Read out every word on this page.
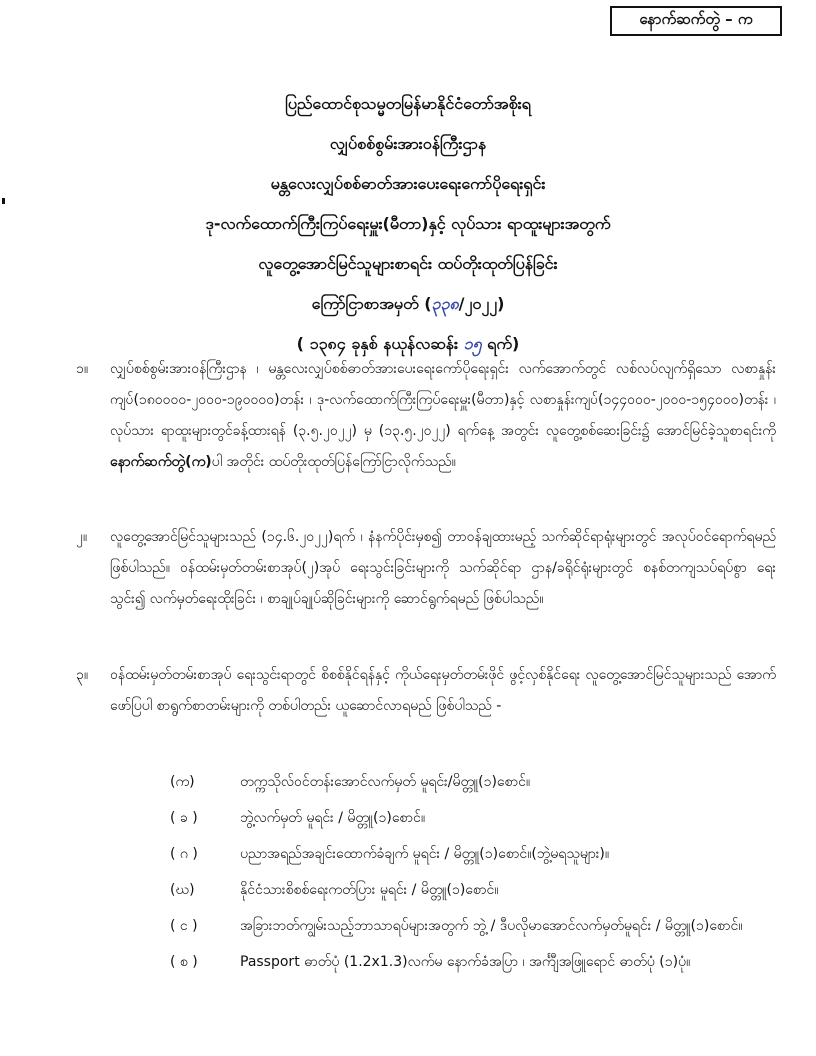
နောက်ဆက်တွဲ – က
ပြည်ထောင်စုသမ္မတမြန်မာနိုင်ငံတော်အစိုးရ
လျှပ်စစ်စွမ်းအားဝန်ကြီးဌာန
မန္တလေးလျှပ်စစ်ဓာတ်အားပေးရေးကော်ပိုရေးရှင်း
ဒု-လက်ထောက်ကြီးကြပ်ရေးမှူး(မီတာ)နှင့် လုပ်သား ရာထူးများအတွက်
လူတွေ့အောင်မြင်သူများစာရင်း ထပ်တိုးထုတ်ပြန်ခြင်း
ကြော်ငြာစာအမှတ် (၃၃၈/၂၀၂၂)
( ၁၃၈၄ ခုနှစ် နယုန်လဆန်း ၁၅ ရက်)
၁။ လျှပ်စစ်စွမ်းအားဝန်ကြီးဌာန ၊ မန္တလေးလျှပ်စစ်ဓာတ်အားပေးရေးကော်ပိုရေးရှင်း လက်အောက်တွင် လစ်လပ်လျက်ရှိသော လစာနှုန်းကျပ်(၁၈၀၀၀၀-၂၀၀၀-၁၉၀၀၀၀)တန်း ၊ ဒု-လက်ထောက်ကြီးကြပ်ရေးမှူး(မီတာ)နှင့် လစာနှုန်းကျပ်(၁၄၄၀၀၀-၂၀၀၀-၁၅၄၀၀၀)တန်း ၊ လုပ်သား ရာထူးများတွင်ခန့်ထားရန် (၃.၅.၂၀၂၂) မှ (၁၃.၅.၂၀၂၂) ရက်နေ့ အတွင်း လူတွေ့စစ်ဆေးခြင်း၌ အောင်မြင်ခဲ့သူစာရင်းကို နောက်ဆက်တွဲ(က)ပါ အတိုင်း ထပ်တိုးထုတ်ပြန်ကြော်ငြာလိုက်သည်။
၂။ လူတွေ့အောင်မြင်သူများသည် (၁၄.၆.၂၀၂၂)ရက် ၊ နံနက်ပိုင်းမှစ၍ တာဝန်ချထားမည့် သက်ဆိုင်ရာရုံးများတွင် အလုပ်ဝင်ရောက်ရမည်ဖြစ်ပါသည်။ ဝန်ထမ်းမှတ်တမ်းစာအုပ်(၂)အုပ် ရေးသွင်းခြင်းများကို သက်ဆိုင်ရာ ဌာန/ခရိုင်ရုံးများတွင် စနစ်တကျသပ်ရပ်စွာ ရေးသွင်း၍ လက်မှတ်ရေးထိုးခြင်း ၊ စာချုပ်ချုပ်ဆိုခြင်းများကို ဆောင်ရွက်ရမည် ဖြစ်ပါသည်။
၃။ ဝန်ထမ်းမှတ်တမ်းစာအုပ် ရေးသွင်းရာတွင် စိစစ်နိုင်ရန်နှင့် ကိုယ်ရေးမှတ်တမ်းဖိုင် ဖွင့်လှစ်နိုင်ရေး လူတွေ့အောင်မြင်သူများသည် အောက်ဖော်ပြပါ စာရွက်စာတမ်းများကို တစ်ပါတည်း ယူဆောင်လာရမည် ဖြစ်ပါသည် -
(က)	တက္ကသိုလ်ဝင်တန်းအောင်လက်မှတ် မူရင်း/မိတ္တူ(၁)စောင်။
( ခ )	ဘွဲ့လက်မှတ် မူရင်း / မိတ္တူ(၁)စောင်။
( ဂ )	ပညာအရည်အချင်းထောက်ခံချက် မူရင်း / မိတ္တူ(၁)စောင်။(ဘွဲ့မရသူများ)။
(ဃ)	နိုင်ငံသားစိစစ်ရေးကတ်ပြား မူရင်း / မိတ္တူ(၁)စောင်။
( င )	အခြားဘတ်ကျွမ်းသည့်ဘာသာရပ်များအတွက် ဘွဲ့ / ဒီပလိုမာအောင်လက်မှတ်မူရင်း / မိတ္တူ(၁)စောင်။
( စ )	Passport ဓာတ်ပုံ (1.2x1.3)လက်မ နောက်ခံအပြာ ၊ အင်္ကျီအဖြူရောင် ဓာတ်ပုံ (၁)ပုံ။
